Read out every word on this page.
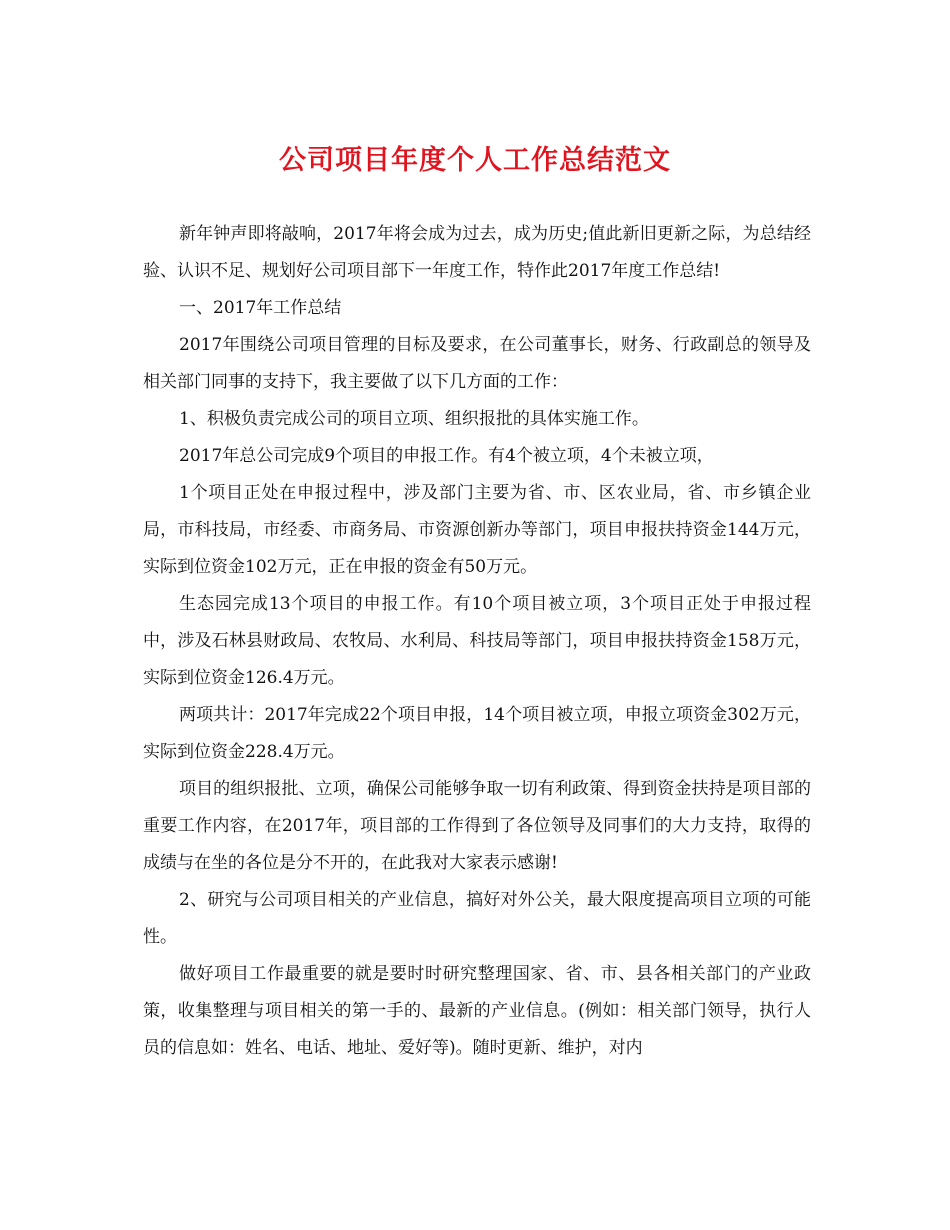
公司项目年度个人工作总结范文

新年钟声即将敲响，2017年将会成为过去，成为历史;值此新旧更新之际，为总结经验、认识不足、规划好公司项目部下一年度工作，特作此2017年度工作总结!

一、2017年工作总结

2017年围绕公司项目管理的目标及要求，在公司董事长，财务、行政副总的领导及相关部门同事的支持下，我主要做了以下几方面的工作：

1、积极负责完成公司的项目立项、组织报批的具体实施工作。

2017年总公司完成9个项目的申报工作。有4个被立项，4个未被立项，

1个项目正处在申报过程中，涉及部门主要为省、市、区农业局，省、市乡镇企业局，市科技局，市经委、市商务局、市资源创新办等部门，项目申报扶持资金144万元，实际到位资金102万元，正在申报的资金有50万元。

生态园完成13个项目的申报工作。有10个项目被立项，3个项目正处于申报过程中，涉及石林县财政局、农牧局、水利局、科技局等部门，项目申报扶持资金158万元，实际到位资金126.4万元。

两项共计：2017年完成22个项目申报，14个项目被立项，申报立项资金302万元，实际到位资金228.4万元。

项目的组织报批、立项，确保公司能够争取一切有利政策、得到资金扶持是项目部的重要工作内容，在2017年，项目部的工作得到了各位领导及同事们的大力支持，取得的成绩与在坐的各位是分不开的，在此我对大家表示感谢!

2、研究与公司项目相关的产业信息，搞好对外公关，最大限度提高项目立项的可能性。

做好项目工作最重要的就是要时时研究整理国家、省、市、县各相关部门的产业政策，收集整理与项目相关的第一手的、最新的产业信息。(例如：相关部门领导，执行人员的信息如：姓名、电话、地址、爱好等)。随时更新、维护，对内
